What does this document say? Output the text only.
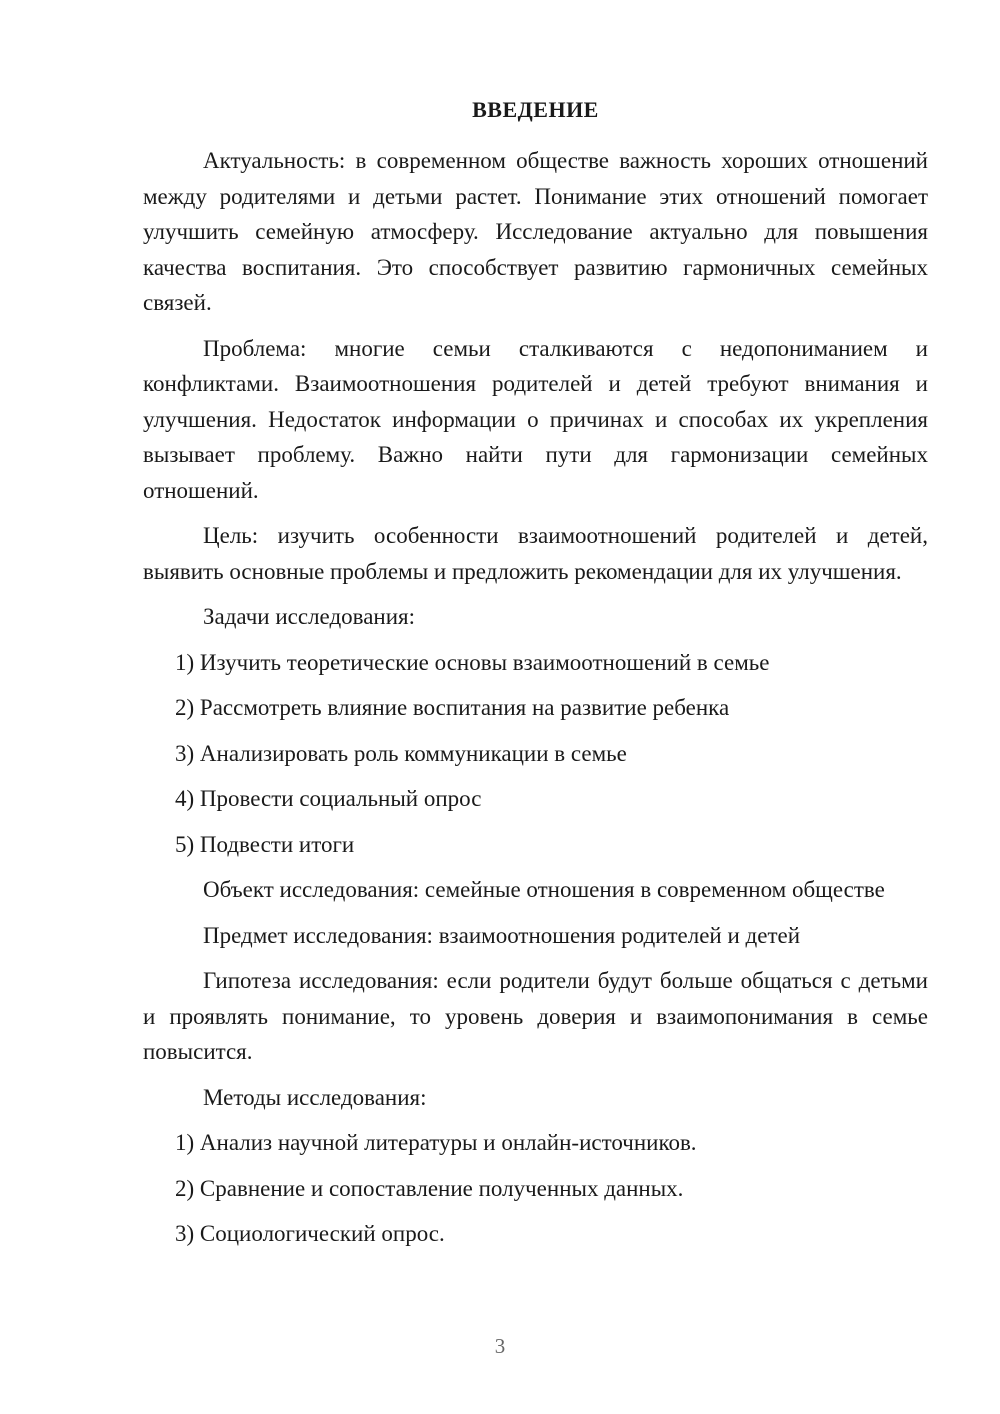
ВВЕДЕНИЕ

Актуальность: в современном обществе важность хороших отношений между родителями и детьми растет. Понимание этих отношений помогает улучшить семейную атмосферу. Исследование актуально для повышения качества воспитания. Это способствует развитию гармоничных семейных связей.

Проблема: многие семьи сталкиваются с недопониманием и конфликтами. Взаимоотношения родителей и детей требуют внимания и улучшения. Недостаток информации о причинах и способах их укрепления вызывает проблему. Важно найти пути для гармонизации семейных отношений.

Цель: изучить особенности взаимоотношений родителей и детей, выявить основные проблемы и предложить рекомендации для их улучшения.

Задачи исследования:

1) Изучить теоретические основы взаимоотношений в семье

2) Рассмотреть влияние воспитания на развитие ребенка

3) Анализировать роль коммуникации в семье

4) Провести социальный опрос

5) Подвести итоги

Объект исследования: семейные отношения в современном обществе

Предмет исследования: взаимоотношения родителей и детей

Гипотеза исследования: если родители будут больше общаться с детьми и проявлять понимание, то уровень доверия и взаимопонимания в семье повысится.

Методы исследования:

1) Анализ научной литературы и онлайн-источников.

2) Сравнение и сопоставление полученных данных.

3) Социологический опрос.

3
